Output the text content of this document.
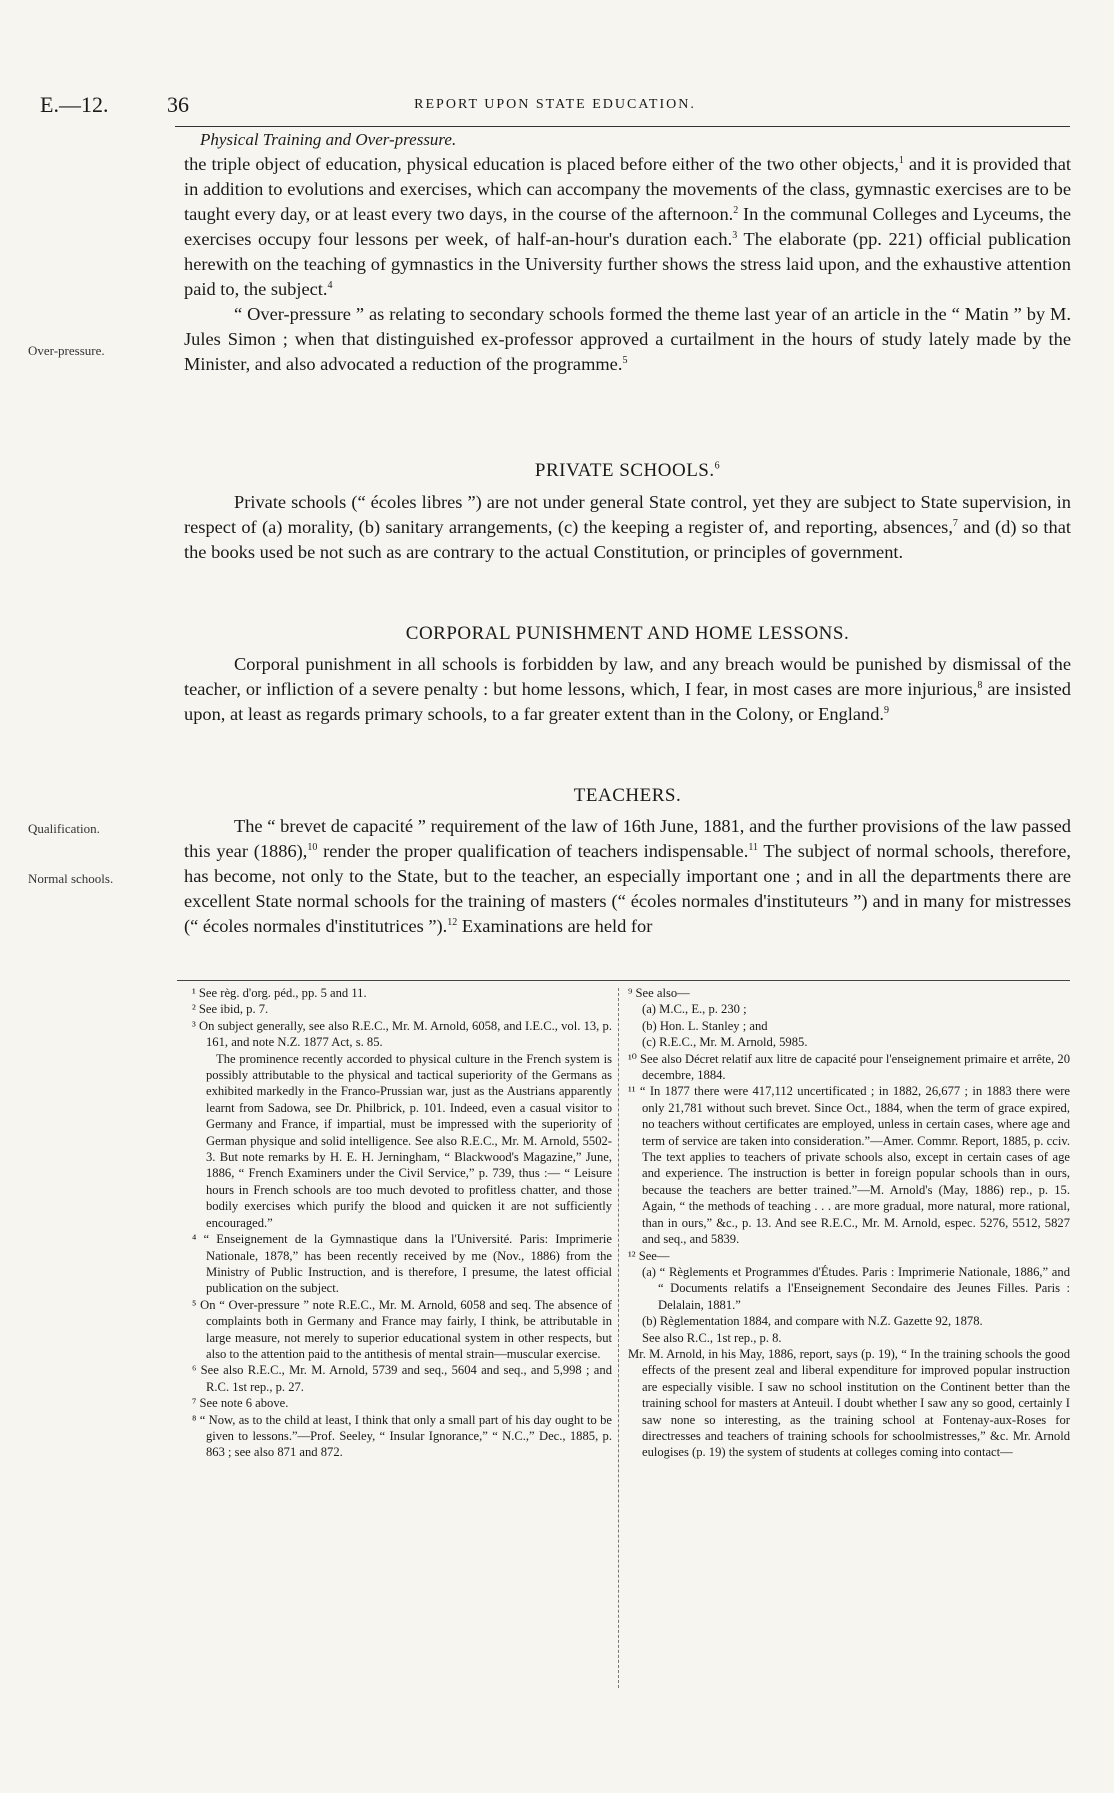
E.—12.	36	REPORT UPON STATE EDUCATION.
Physical Training and Over-pressure.

the triple object of education, physical education is placed before either of the two other objects,$^1$ and it is provided that in addition to evolutions and exercises, which can accompany the movements of the class, gymnastic exercises are to be taught every day, or at least every two days, in the course of the afternoon.$^2$ In the communal Colleges and Lyceums, the exercises occupy four lessons per week, of half-an-hour's duration each.$^3$ The elaborate (pp. 221) official publication herewith on the teaching of gymnastics in the University further shows the stress laid upon, and the exhaustive attention paid to, the subject.$^4$

“ Over-pressure ” as relating to secondary schools formed the theme last year of an article in the “ Matin ” by M. Jules Simon ; when that distinguished ex-professor approved a curtailment in the hours of study lately made by the Minister, and also advocated a reduction of the programme.$^5$

Over-pressure.
PRIVATE SCHOOLS.$^6$

Private schools (“ écoles libres ”) are not under general State control, yet they are subject to State supervision, in respect of (a) morality, (b) sanitary arrangements, (c) the keeping a register of, and reporting, absences,$^7$ and (d) so that the books used be not such as are contrary to the actual Constitution, or principles of government.

CORPORAL PUNISHMENT AND HOME LESSONS.

Corporal punishment in all schools is forbidden by law, and any breach would be punished by dismissal of the teacher, or infliction of a severe penalty : but home lessons, which, I fear, in most cases are more injurious,$^8$ are insisted upon, at least as regards primary schools, to a far greater extent than in the Colony, or England.$^9$

TEACHERS.

The “ brevet de capacité ” requirement of the law of 16th June, 1881, and the further provisions of the law passed this year (1886),$^{10}$ render the proper qualification of teachers indispensable.$^{11}$ The subject of normal schools, therefore, has become, not only to the State, but to the teacher, an especially important one ; and in all the departments there are excellent State normal schools for the training of masters (“ écoles normales d'instituteurs ”) and in many for mistresses (“ écoles normales d'institutrices ”).$^{12}$ Examinations are held for

Qualification.
Normal schools.

¹ See règ. d'org. péd., pp. 5 and 11.

² See ibid, p. 7.

³ On subject generally, see also R.E.C., Mr. M. Arnold, 6058, and I.E.C., vol. 13, p. 161, and note N.Z. 1877 Act, s. 85.

The prominence recently accorded to physical culture in the French system is possibly attributable to the physical and tactical superiority of the Germans as exhibited markedly in the Franco-Prussian war, just as the Austrians apparently learnt from Sadowa, see Dr. Philbrick, p. 101. Indeed, even a casual visitor to Germany and France, if impartial, must be impressed with the superiority of German physique and solid intelligence. See also R.E.C., Mr. M. Arnold, 5502-3. But note remarks by H. E. H. Jerningham, “ Blackwood's Magazine,” June, 1886, “ French Examiners under the Civil Service,” p. 739, thus :— “ Leisure hours in French schools are too much devoted to profitless chatter, and those bodily exercises which purify the blood and quicken it are not sufficiently encouraged.”

⁴ “ Enseignement de la Gymnastique dans la l'Université. Paris: Imprimerie Nationale, 1878,” has been recently received by me (Nov., 1886) from the Ministry of Public Instruction, and is therefore, I presume, the latest official publication on the subject.

⁵ On “ Over-pressure ” note R.E.C., Mr. M. Arnold, 6058 and seq. The absence of complaints both in Germany and France may fairly, I think, be attributable in large measure, not merely to superior educational system in other respects, but also to the attention paid to the antithesis of mental strain—muscular exercise.

⁶ See also R.E.C., Mr. M. Arnold, 5739 and seq., 5604 and seq., and 5,998 ; and R.C. 1st rep., p. 27.

⁷ See note 6 above.

⁸ “ Now, as to the child at least, I think that only a small part of his day ought to be given to lessons.”—Prof. Seeley, “ Insular Ignorance,” “ N.C.,” Dec., 1885, p. 863 ; see also 871 and 872.

⁹ See also—

(a) M.C., E., p. 230 ;

(b) Hon. L. Stanley ; and

(c) R.E.C., Mr. M. Arnold, 5985.

¹⁰ See also Décret relatif aux litre de capacité pour l'enseignement primaire et arrête, 20 decembre, 1884.

¹¹ “ In 1877 there were 417,112 uncertificated ; in 1882, 26,677 ; in 1883 there were only 21,781 without such brevet. Since Oct., 1884, when the term of grace expired, no teachers without certificates are employed, unless in certain cases, where age and term of service are taken into consideration.”—Amer. Commr. Report, 1885, p. cciv. The text applies to teachers of private schools also, except in certain cases of age and experience. The instruction is better in foreign popular schools than in ours, because the teachers are better trained.”—M. Arnold's (May, 1886) rep., p. 15. Again, “ the methods of teaching . . . are more gradual, more natural, more rational, than in ours,” &c., p. 13. And see R.E.C., Mr. M. Arnold, espec. 5276, 5512, 5827 and seq., and 5839.

¹² See—

(a) “ Règlements et Programmes d'Études. Paris : Imprimerie Nationale, 1886,” and “ Documents relatifs a l'Enseignement Secondaire des Jeunes Filles. Paris : Delalain, 1881.”

(b) Règlementation 1884, and compare with N.Z. Gazette 92, 1878.

See also R.C., 1st rep., p. 8.

Mr. M. Arnold, in his May, 1886, report, says (p. 19), “ In the training schools the good effects of the present zeal and liberal expenditure for improved popular instruction are especially visible. I saw no school institution on the Continent better than the training school for masters at Anteuil. I doubt whether I saw any so good, certainly I saw none so interesting, as the training school at Fontenay-aux-Roses for directresses and teachers of training schools for schoolmistresses,” &c. Mr. Arnold eulogises (p. 19) the system of students at colleges coming into contact—
